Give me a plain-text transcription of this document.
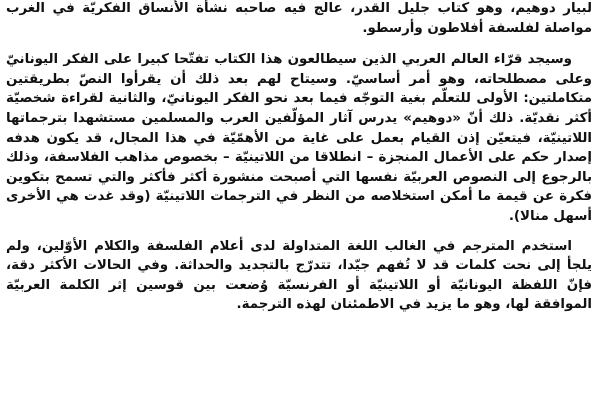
لبيار دوهيم، وهو كتاب جليل القدر، عالج فيه صاحبه نشأة الأنساق الفكريّة في الغرب مواصلة لفلسفة أفلاطون وأرسطو.

وسيجد قرّاء العالم العربي الذين سيطالعون هذا الكتاب تفتّحا كبيرا على الفكر اليونانيّ وعلى مصطلحاته، وهو أمر أساسيّ. وسيتاح لهم بعد ذلك أن يقرأوا النصّ بطريقتين متكاملتين: الأولى للتعلّم بغية التوجّه فيما بعد نحو الفكر اليونانيّ، والثانية لقراءة شخصيّة أكثر نقديّة. ذلك أنّ «دوهيم» يدرس آثار المؤلّفين العرب والمسلمين مستشهدا بترجماتها اللاتينيّة، فيتعيّن إذن القيام بعمل على غاية من الأهمّيّة في هذا المجال، قد يكون هدفه إصدار حكم على الأعمال المنجزة – انطلاقا من اللاتينيّة – بخصوص مذاهب الفلاسفة، وذلك بالرجوع إلى النصوص العربيّة نفسها التي أصبحت منشورة أكثر فأكثر والتي تسمح بتكوين فكرة عن قيمة ما أمكن استخلاصه من النظر في الترجمات اللاتينيّة (وقد غدت هي الأخرى أسهل منالا).

استخدم المترجم في الغالب اللغة المتداولة لدى أعلام الفلسفة والكلام الأوّلين، ولم يلجأ إلى نحت كلمات قد لا تُفهم جيّدا، تتدرّج بالتجديد والحداثة. وفي الحالات الأكثر دقة، فإنّ اللفظة اليونانيّة أو اللاتينيّة أو الفرنسيّة وُضعت بين قوسين إثر الكلمة العربيّة الموافقة لها، وهو ما يزيد في الاطمئنان لهذه الترجمة.
